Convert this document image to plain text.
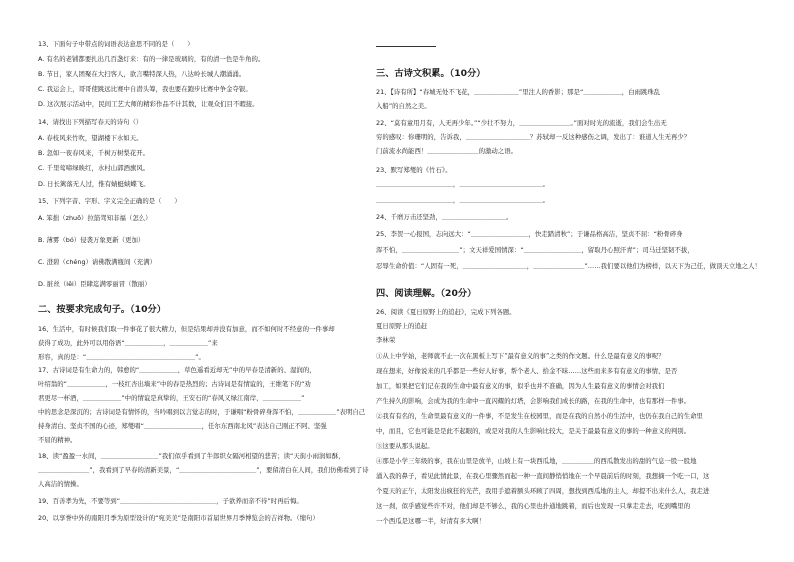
13、下面句子中带点的词语表达意思不同的是（　　）
A. 有名的老铺都要扎出几百盏灯来：有的一律是玻璃的，有的清一色是牛角的。
B. 节日，家人团聚在大扫客人，欲言嘴特深人热，八达岭长城人潮涌涌。
C. 我运会上，哥哥使跳远比赛中自潜头筹，我也要在跑步比赛中争金夺银。
D. 这次展示活动中，民间工艺大师的精彩作品不计其数，让观众们目不暇接。
14、请找出下列描写春天的诗句（）
A. 春枝风来竹吹，望湖楼下水如天。
B. 忽如一夜春风来，千树万树梨花开。
C. 千里莺啼绿映红，水村山郭酒旗风。
D. 日长篱落无人过，惟有蜻蜓蛱蝶飞。
15、下列字音、字形、字义完全正确的是（　　）
A. 笨拙（zhuō）拉筋驾知非福（怎么）
B. 薄雾（bó）侵袭万象更新（更加）
C. 澄碧（chéng）请佛散满瓶间（充满）
D. 脏丝（lěi）臣肆迄满零丽冒（散丽）
二、按要求完成句子。（10分）
16、生活中，有时候我们取一件事花了很大精力，但是结果却并没有加意，而不如何时不经意的一件事却
获得了成功，此外可以用俗语“＿＿＿＿＿＿，＿＿＿＿＿＿”来
形容，真的是：“＿＿＿＿＿＿＿＿＿＿＿＿＿＿＿＿＿”。
17、古诗词是有生命力的，韩愈的“＿＿＿＿＿＿，草色遥看近却无”中的早春是清新的、湿润的，
叶绍翁的“＿＿＿＿＿＿，一枝红杏出墙来”中的春是热烈的；古诗词是有情谊的，王维笔下的“劝
君更尽一杯酒，＿＿＿＿＿＿”中的情谊是真挚的，王安石的“春风又绿江南岸，＿＿＿＿＿＿”
中的思念是深沉的；古诗词是有情怀的，当吟唱到以言觉志的时，于谦唱“粉骨碎身浑不怕，＿＿＿＿＿＿”表明自己
持身清白、坚贞不国的心迹，郑燮唱“＿＿＿＿＿＿＿＿＿，任尔东西南北风”表达自己刚正不阿、坚强
不屈的精神。
18、读“盈盈一水间，＿＿＿＿＿＿＿＿＿”我们似乎看到了牛郎织女隔河相望的悲苦；读“天街小雨润如酥，
＿＿＿＿＿＿＿＿”，我看到了早春的清新美景，“＿＿＿＿＿＿＿＿＿＿＿＿”，要留清白在人间，我们仿佛看到了诗
人高洁的情操。
19、百善孝为先，不要等到“＿＿＿＿＿＿＿＿＿＿＿＿＿＿＿，子欲养而亲不待”时再后悔。
20、以享誉中外的南阳月季为原型设计的“宛美美”是南阳市首届世界月季博览会的吉祥物。（缩句）
三、古诗文积累。（10分）
21、【诗有所】“春城无处不飞花，＿＿＿＿＿＿＿”里注人的香影；那是“＿＿＿＿＿＿，白雨跳珠乱
入船”的自然之美。
22、“莫有童用月有，人无再少年。”“少壮不努力，＿＿＿＿＿＿＿＿。”面对时光的流逝，我们会生出无
穷的感叹：你珊明的，告诉我，＿＿＿＿＿＿＿＿＿＿？苏轼却一反这种感伤之调，发出了：谁道人生无再少？
门前流水尚能西！＿＿＿＿＿＿＿＿的激动之语。
23、默写郑燮的《竹石》。
＿＿＿＿＿＿＿＿＿＿＿＿，＿＿＿＿＿＿＿＿＿＿＿＿＿。
＿＿＿＿＿＿＿＿＿＿＿＿，＿＿＿＿＿＿＿＿＿＿＿＿＿。
24、千磨万击还坚劲，＿＿＿＿＿＿＿＿＿＿。
25、李贺一心报国，志向远大：“＿＿＿＿＿＿＿＿＿，快走踏清秋”；于谦品格高洁，坚贞不屈：“粉骨碎身
浑不怕，＿＿＿＿＿＿＿＿＿”；文天祥爱国情深：“＿＿＿＿＿＿＿＿＿，留取丹心照汗青”；司马迁坚韧不拔，
忍辱生命价值：“人固有一死，＿＿＿＿＿＿＿＿＿＿，＿＿＿＿＿＿＿＿”……我们要以他们为榜样，以天下为己任，做顶天立地之人！
四、阅读理解。（20分）
26、阅读《夏日原野上的追赶》，完成下列各题。
夏日原野上的追赶
李林荣
①从上中学始，老师就不止一次在黑板上写下“最有意义的事”之类的作文题。什么是最有意义的事呢？
现在想来，好像说来的几乎都是一些好人好事，帮个老人、拾金不昧……这些而来多有有意义的事情，是否
加工，如果把它们记在我的生命中最有意义的事，似乎也并不准确，因为人生最有意义的事情会对我们
产生持久的影响，会成为我的生命中一直闪耀的灯塔，会影响我们成长的路，在我的生命中，也有那样一件事。
②我有有名的，生命里最有意义的一件事，不是发生在校园里，而是在我的自然小的生活中，也仍在我自己的生命里
中，而且，它也可能是是此不起眼的，或是对我的人生影响比较大，是关于最最有意义的事的一种意义的判别。
③这要从那头说起。
④那是小学三年级的事，我在山里是放羊，山坡上有一块西瓜地，＿＿＿＿＿的西瓜散发出的甜的气息一股一股地
涌入我的鼻子，看见此情此景，在我心里骤然而起一种一直间静悄悄地在一个早晨前后的时刻，我想摘一个吃一口，这
个夏天的正午，太阳发出疯狂的光芒，我用手遮着额头环顾了四周，想找到西瓜地的主人，却提不出来什么人，我走进
这一刹，似乎感觉些许不对，他们却是不够么，我的心里也扑通地跳着，而后也发现一只拿走走去，吃到嘴里的
一个西瓜是这哪一半，好清有多大啊！
